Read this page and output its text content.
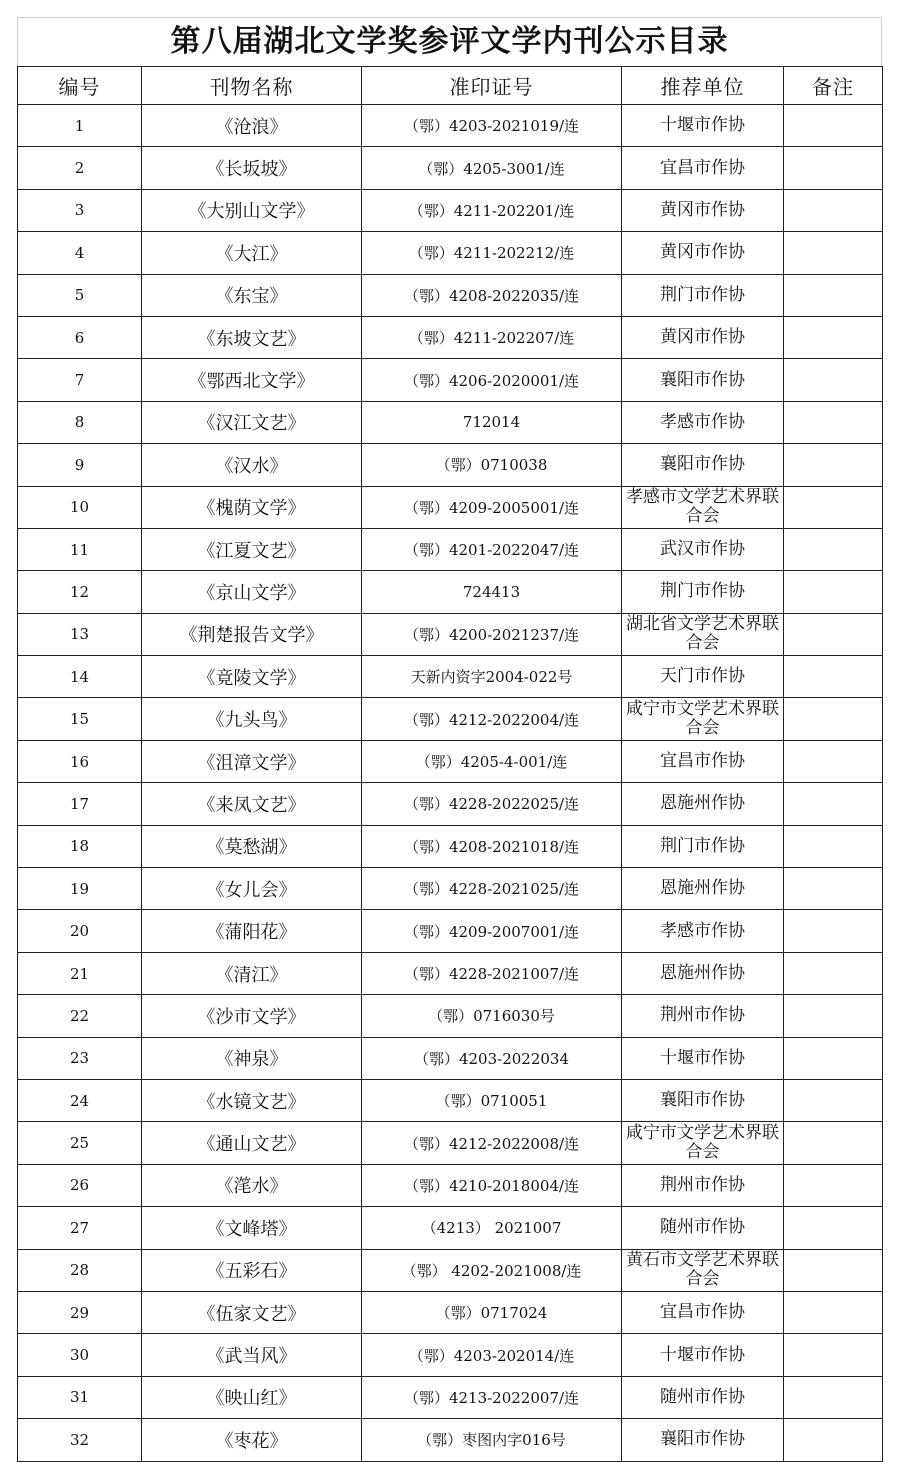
第八届湖北文学奖参评文学内刊公示目录
编号	刊物名称	准印证号	推荐单位	备注
1	《沧浪》	（鄂）4203-2021019/连	十堰市作协	
2	《长坂坡》	（鄂）4205-3001/连	宜昌市作协	
3	《大别山文学》	（鄂）4211-202201/连	黄冈市作协	
4	《大江》	（鄂）4211-202212/连	黄冈市作协	
5	《东宝》	（鄂）4208-2022035/连	荆门市作协	
6	《东坡文艺》	（鄂）4211-202207/连	黄冈市作协	
7	《鄂西北文学》	（鄂）4206-2020001/连	襄阳市作协	
8	《汉江文艺》	712014	孝感市作协	
9	《汉水》	（鄂）0710038	襄阳市作协	
10	《槐荫文学》	（鄂）4209-2005001/连	孝感市文学艺术界联合会	
11	《江夏文艺》	（鄂）4201-2022047/连	武汉市作协	
12	《京山文学》	724413	荆门市作协	
13	《荆楚报告文学》	（鄂）4200-2021237/连	湖北省文学艺术界联合会	
14	《竟陵文学》	天新内资字2004-022号	天门市作协	
15	《九头鸟》	（鄂）4212-2022004/连	咸宁市文学艺术界联合会	
16	《沮漳文学》	（鄂）4205-4-001/连	宜昌市作协	
17	《来凤文艺》	（鄂）4228-2022025/连	恩施州作协	
18	《莫愁湖》	（鄂）4208-2021018/连	荆门市作协	
19	《女儿会》	（鄂）4228-2021025/连	恩施州作协	
20	《蒲阳花》	（鄂）4209-2007001/连	孝感市作协	
21	《清江》	（鄂）4228-2021007/连	恩施州作协	
22	《沙市文学》	（鄂）0716030号	荆州市作协	
23	《神泉》	（鄂）4203-2022034	十堰市作协	
24	《水镜文艺》	（鄂）0710051	襄阳市作协	
25	《通山文艺》	（鄂）4212-2022008/连	咸宁市文学艺术界联合会	
26	《滗水》	（鄂）4210-2018004/连	荆州市作协	
27	《文峰塔》	（4213） 2021007	随州市作协	
28	《五彩石》	（鄂） 4202-2021008/连	黄石市文学艺术界联合会	
29	《伍家文艺》	（鄂）0717024	宜昌市作协	
30	《武当风》	（鄂）4203-202014/连	十堰市作协	
31	《映山红》	（鄂）4213-2022007/连	随州市作协	
32	《枣花》	（鄂）枣图内字016号	襄阳市作协	
